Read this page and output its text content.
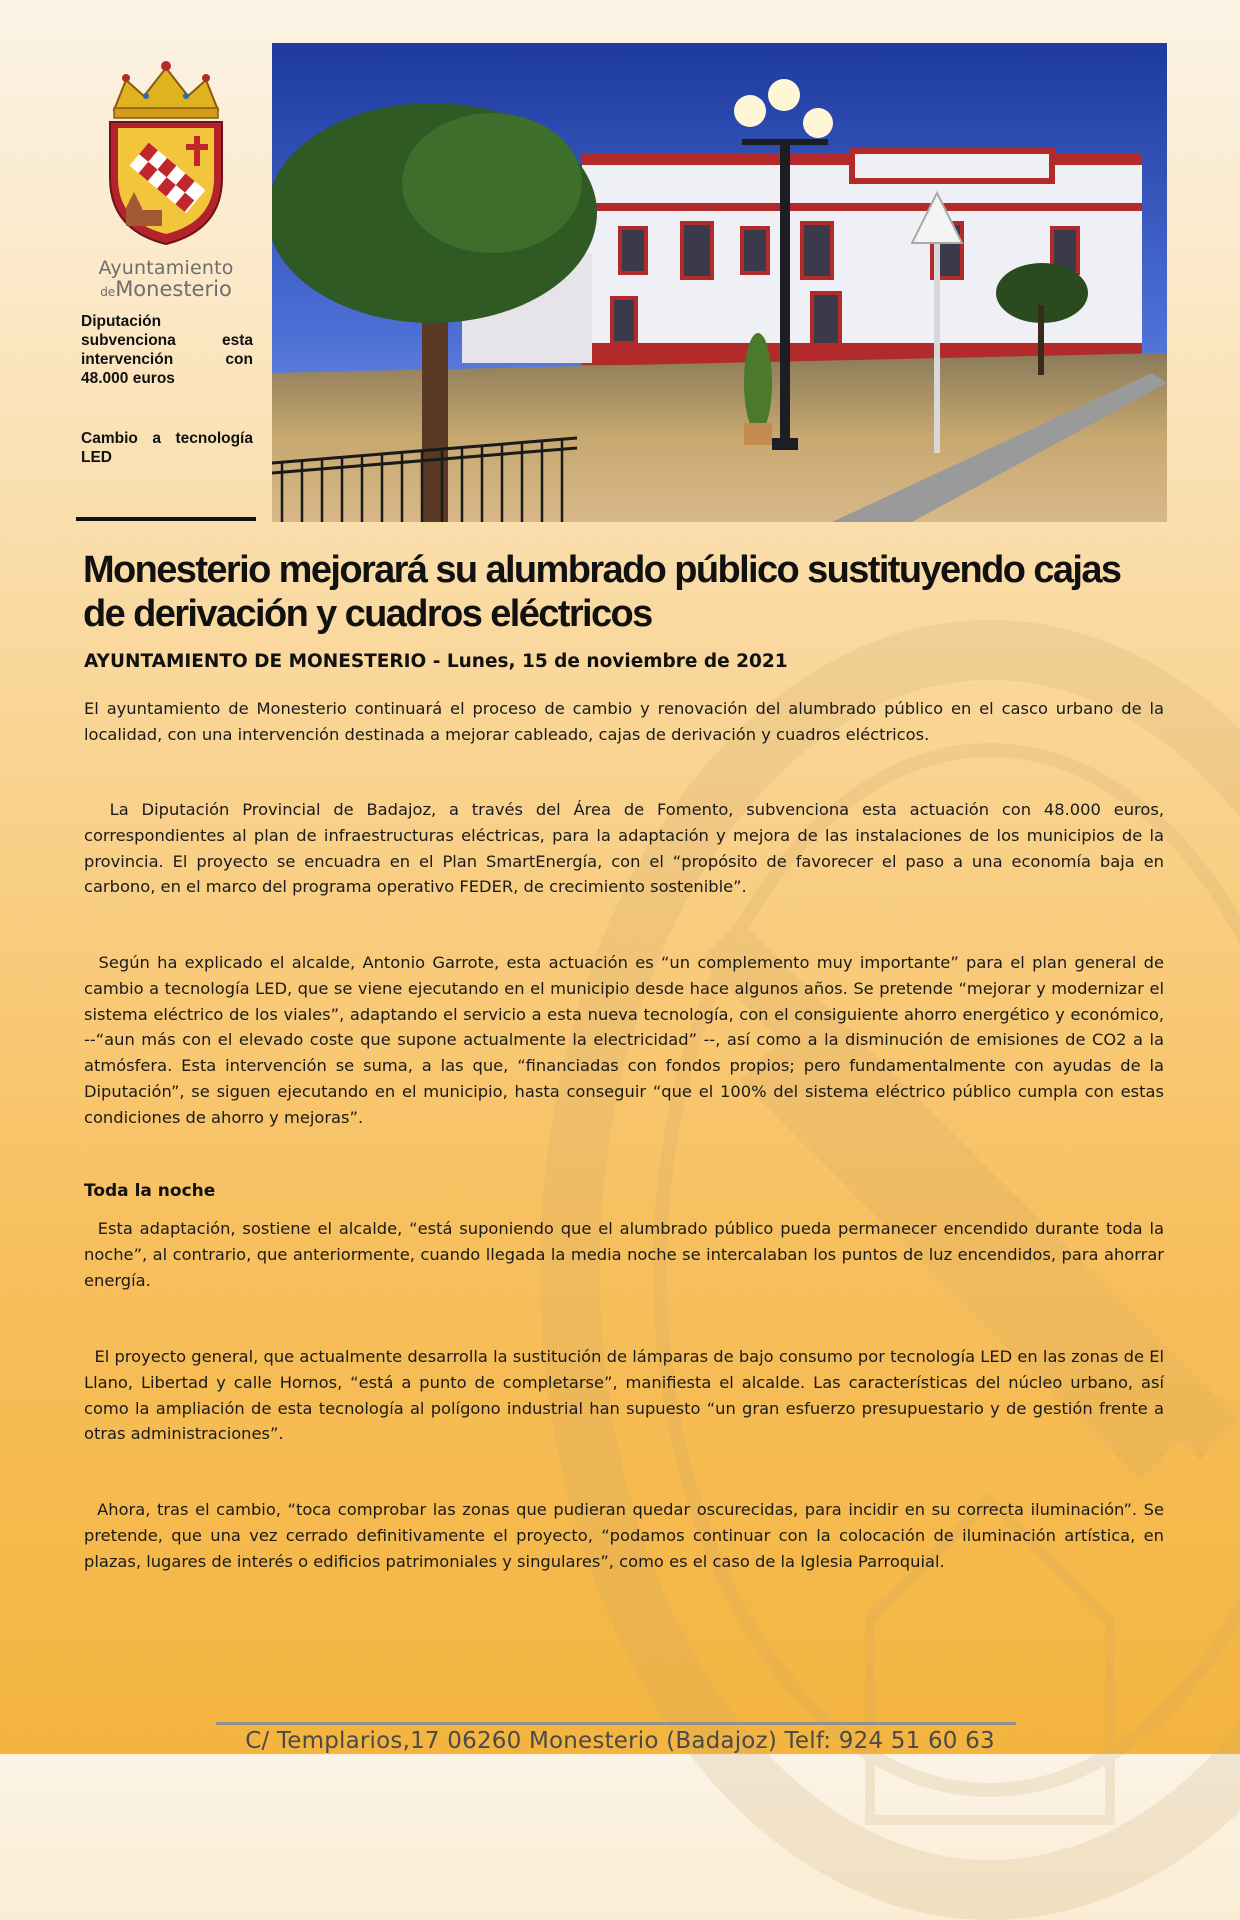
Ayuntamiento
deMonesterio
Diputación subvenciona esta intervención con 48.000 euros
Cambio a tecnología LED
Monesterio mejorará su alumbrado público sustituyendo cajas de derivación y cuadros eléctricos
AYUNTAMIENTO DE MONESTERIO - Lunes, 15 de noviembre de 2021

El ayuntamiento de Monesterio continuará el proceso de cambio y renovación del alumbrado público en el casco urbano de la localidad, con una intervención destinada a mejorar cableado, cajas de derivación y cuadros eléctricos.

La Diputación Provincial de Badajoz, a través del Área de Fomento, subvenciona esta actuación con 48.000 euros, correspondientes al plan de infraestructuras eléctricas, para la adaptación y mejora de las instalaciones de los municipios de la provincia. El proyecto se encuadra en el Plan SmartEnergía, con el “propósito de favorecer el paso a una economía baja en carbono, en el marco del programa operativo FEDER, de crecimiento sostenible”.

Según ha explicado el alcalde, Antonio Garrote, esta actuación es “un complemento muy importante” para el plan general de cambio a tecnología LED, que se viene ejecutando en el municipio desde hace algunos años. Se pretende “mejorar y modernizar el sistema eléctrico de los viales”, adaptando el servicio a esta nueva tecnología, con el consiguiente ahorro energético y económico, --“aun más con el elevado coste que supone actualmente la electricidad” --, así como a la disminución de emisiones de CO2 a la atmósfera. Esta intervención se suma, a las que, “financiadas con fondos propios; pero fundamentalmente con ayudas de la Diputación”, se siguen ejecutando en el municipio, hasta conseguir “que el 100% del sistema eléctrico público cumpla con estas condiciones de ahorro y mejoras”.

Toda la noche

Esta adaptación, sostiene el alcalde, “está suponiendo que el alumbrado público pueda permanecer encendido durante toda la noche”, al contrario, que anteriormente, cuando llegada la media noche se intercalaban los puntos de luz encendidos, para ahorrar energía.

El proyecto general, que actualmente desarrolla la sustitución de lámparas de bajo consumo por tecnología LED en las zonas de El Llano, Libertad y calle Hornos, “está a punto de completarse”, manifiesta el alcalde. Las características del núcleo urbano, así como la ampliación de esta tecnología al polígono industrial han supuesto “un gran esfuerzo presupuestario y de gestión frente a otras administraciones”.

Ahora, tras el cambio, “toca comprobar las zonas que pudieran quedar oscurecidas, para incidir en su correcta iluminación”. Se pretende, que una vez cerrado definitivamente el proyecto, “podamos continuar con la colocación de iluminación artística, en plazas, lugares de interés o edificios patrimoniales y singulares”, como es el caso de la Iglesia Parroquial.

C/ Templarios,17 06260 Monesterio (Badajoz) Telf: 924 51 60 63
